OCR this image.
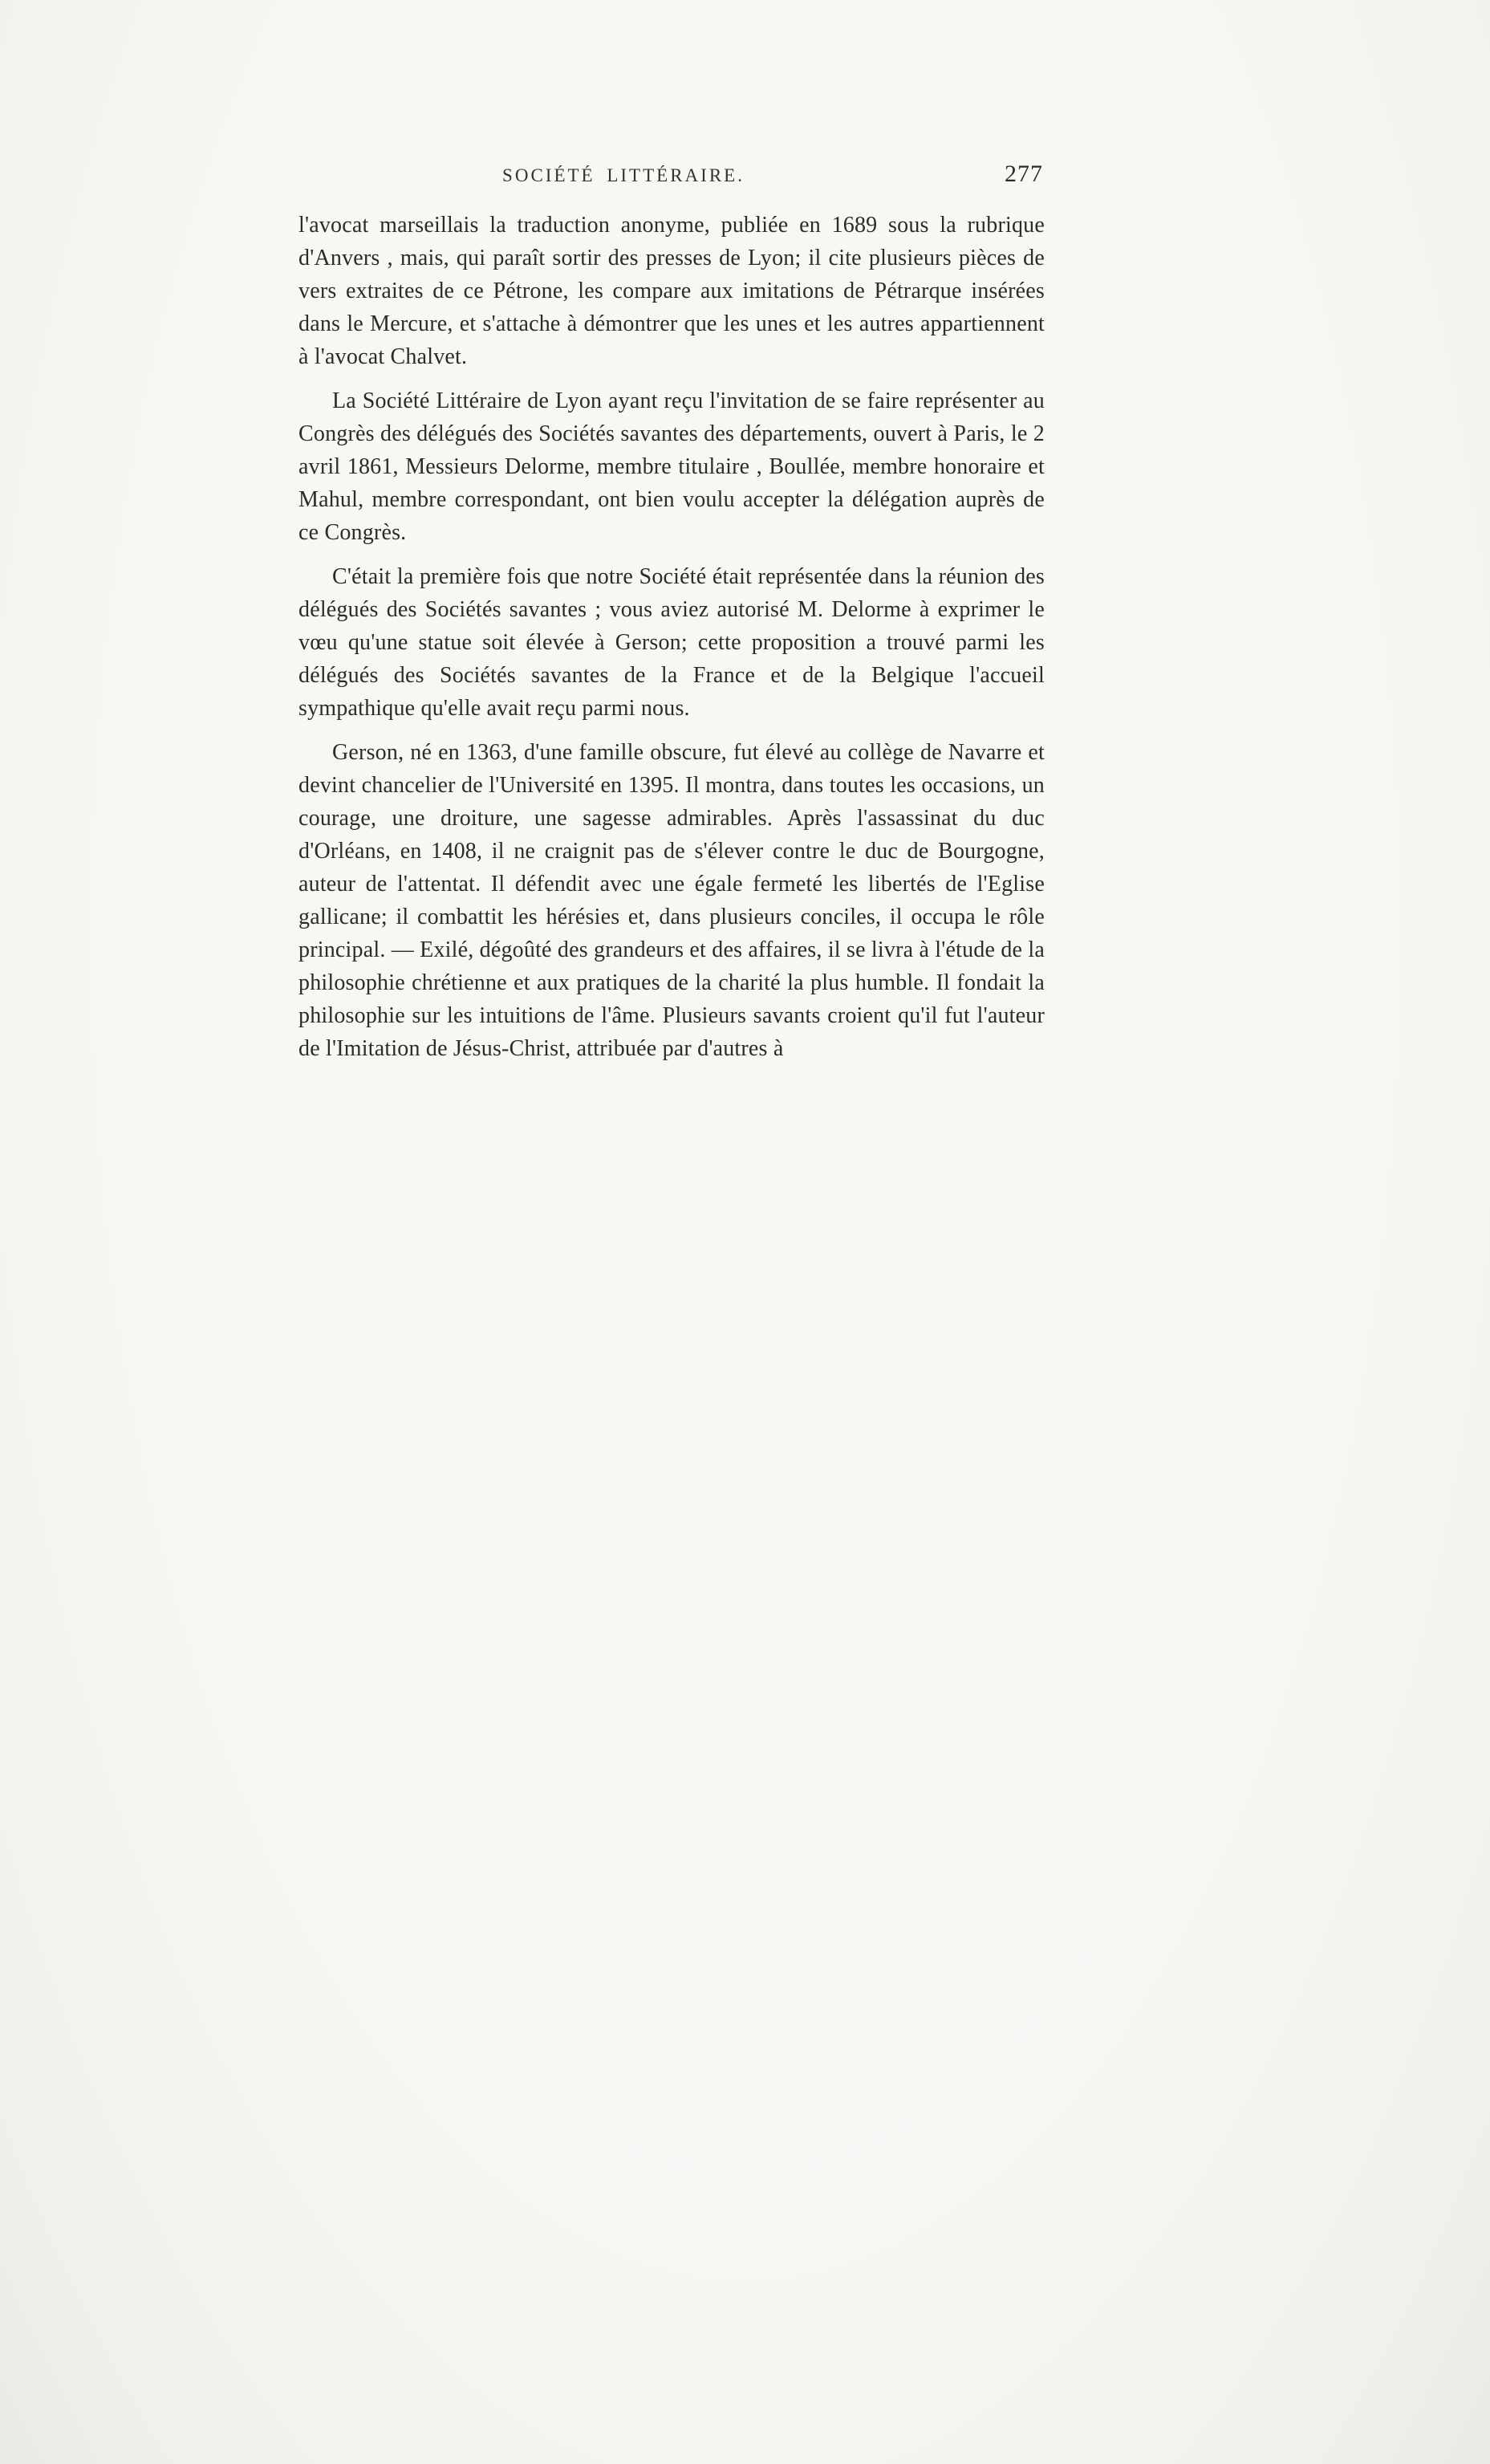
SOCIÉTÉ LITTÉRAIRE.	277

l'avocat marseillais la traduction anonyme, publiée en 1689 sous la rubrique d'Anvers , mais, qui paraît sortir des presses de Lyon; il cite plusieurs pièces de vers extraites de ce Pétrone, les compare aux imitations de Pétrarque insérées dans le Mercure, et s'attache à démontrer que les unes et les autres appartiennent à l'avocat Chalvet.

La Société Littéraire de Lyon ayant reçu l'invitation de se faire représenter au Congrès des délégués des Sociétés savantes des départements, ouvert à Paris, le 2 avril 1861, Messieurs Delorme, membre titulaire , Boullée, membre honoraire et Mahul, membre correspondant, ont bien voulu accepter la délégation auprès de ce Congrès.

C'était la première fois que notre Société était représentée dans la réunion des délégués des Sociétés savantes ; vous aviez autorisé M. Delorme à exprimer le vœu qu'une statue soit élevée à Gerson; cette proposition a trouvé parmi les délégués des Sociétés savantes de la France et de la Belgique l'accueil sympathique qu'elle avait reçu parmi nous.

Gerson, né en 1363, d'une famille obscure, fut élevé au collège de Navarre et devint chancelier de l'Université en 1395. Il montra, dans toutes les occasions, un courage, une droiture, une sagesse admirables. Après l'assassinat du duc d'Orléans, en 1408, il ne craignit pas de s'élever contre le duc de Bourgogne, auteur de l'attentat. Il défendit avec une égale fermeté les libertés de l'Eglise gallicane; il combattit les hérésies et, dans plusieurs conciles, il occupa le rôle principal. — Exilé, dégoûté des grandeurs et des affaires, il se livra à l'étude de la philosophie chrétienne et aux pratiques de la charité la plus humble. Il fondait la philosophie sur les intuitions de l'âme. Plusieurs savants croient qu'il fut l'auteur de l'Imitation de Jésus-Christ, attribuée par d'autres à
